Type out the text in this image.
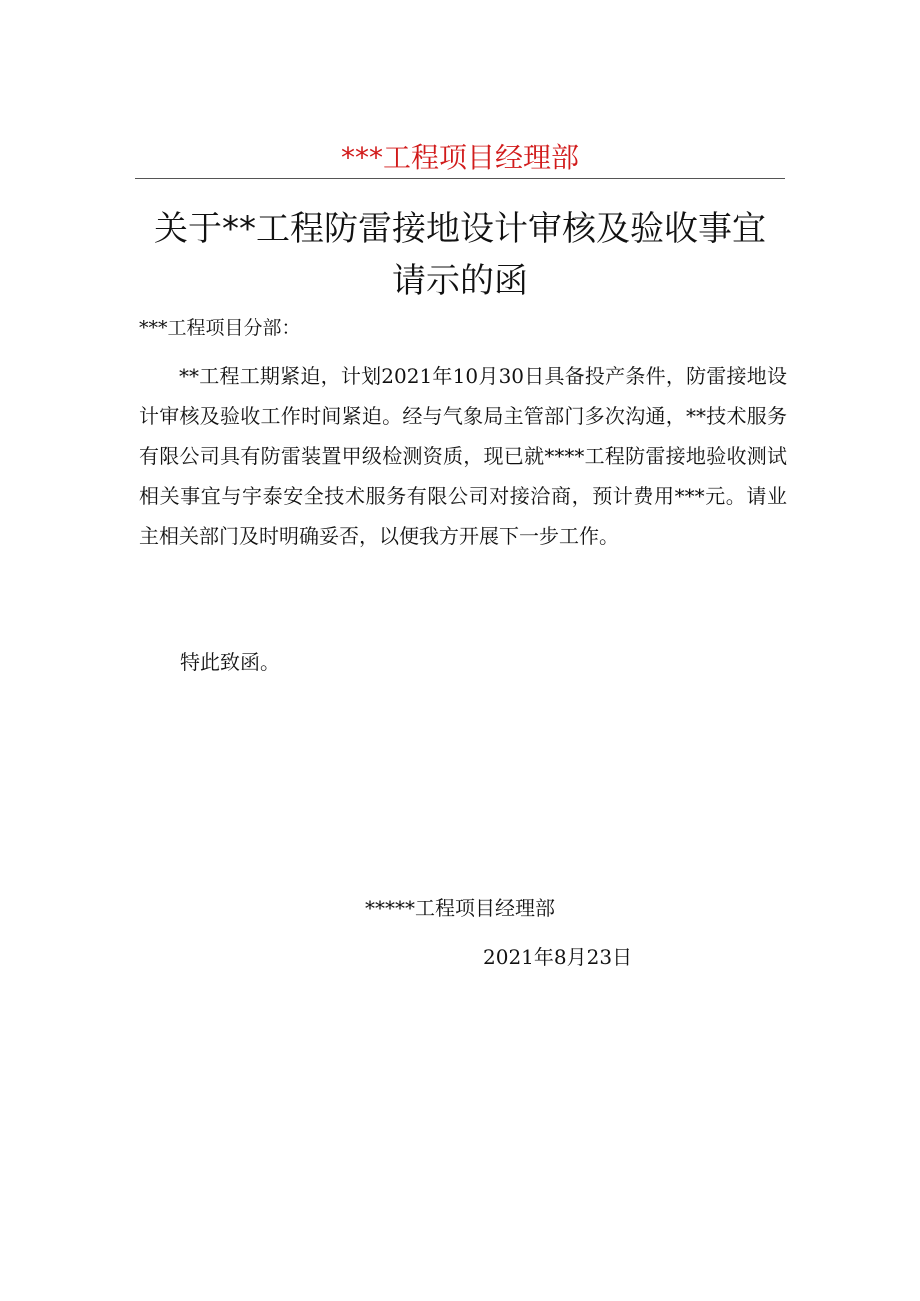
***工程项目经理部
关于**工程防雷接地设计审核及验收事宜
请示的函
***工程项目分部：

**工程工期紧迫，计划2021年10月30日具备投产条件，防雷接地设计审核及验收工作时间紧迫。经与气象局主管部门多次沟通，**技术服务有限公司具有防雷装置甲级检测资质，现已就****工程防雷接地验收测试相关事宜与宇泰安全技术服务有限公司对接洽商，预计费用***元。请业主相关部门及时明确妥否，以便我方开展下一步工作。

特此致函。
*****工程项目经理部
2021年8月23日
